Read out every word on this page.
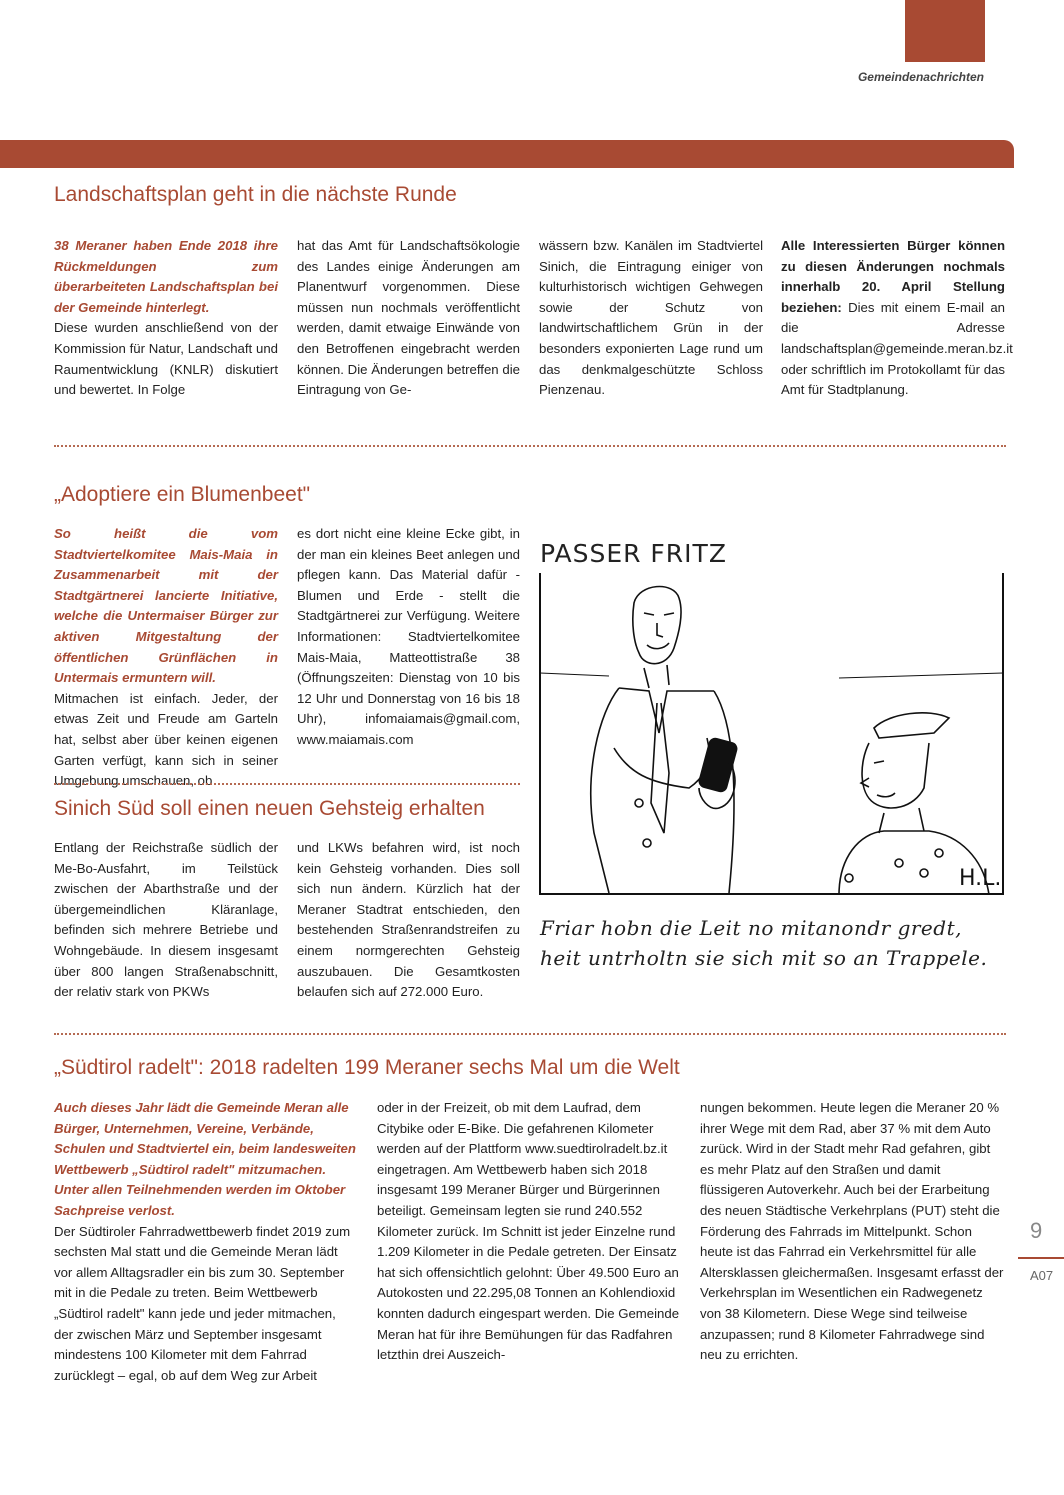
Gemeindenachrichten
Landschaftsplan geht in die nächste Runde
38 Meraner haben Ende 2018 ihre Rückmeldungen zum überarbeiteten Landschaftsplan bei der Gemeinde hinterlegt.
Diese wurden anschließend von der Kommission für Natur, Landschaft und Raumentwicklung (KNLR) diskutiert und bewertet. In Folge
hat das Amt für Landschaftsökologie des Landes einige Änderungen am Planentwurf vorgenommen. Diese müssen nun nochmals veröffentlicht werden, damit etwaige Einwände von den Betroffenen eingebracht werden können. Die Änderungen betreffen die Eintragung von Ge-
wässern bzw. Kanälen im Stadtviertel Sinich, die Eintragung einiger von kulturhistorisch wichtigen Gehwegen sowie der Schutz von landwirtschaftlichem Grün in der besonders exponierten Lage rund um das denkmalgeschützte Schloss Pienzenau.
Alle Interessierten Bürger können zu diesen Änderungen nochmals innerhalb 20. April Stellung beziehen: Dies mit einem E-mail an die Adresse landschaftsplan@gemeinde.meran.bz.it oder schriftlich im Protokollamt für das Amt für Stadtplanung.
„Adoptiere ein Blumenbeet"
So heißt die vom Stadtviertelkomitee Mais-Maia in Zusammenarbeit mit der Stadtgärtnerei lancierte Initiative, welche die Untermaiser Bürger zur aktiven Mitgestaltung der öffentlichen Grünflächen in Untermais ermuntern will.
Mitmachen ist einfach. Jeder, der etwas Zeit und Freude am Garteln hat, selbst aber über keinen eigenen Garten verfügt, kann sich in seiner Umgebung umschauen, ob
es dort nicht eine kleine Ecke gibt, in der man ein kleines Beet anlegen und pflegen kann. Das Material dafür - Blumen und Erde - stellt die Stadtgärtnerei zur Verfügung. Weitere Informationen: Stadtviertelkomitee Mais-Maia, Matteottistraße 38 (Öffnungszeiten: Dienstag von 10 bis 12 Uhr und Donnerstag von 16 bis 18 Uhr), infomaiamais@gmail.com, www.maiamais.com
Sinich Süd soll einen neuen Gehsteig erhalten
Entlang der Reichstraße südlich der Me-Bo-Ausfahrt, im Teilstück zwischen der Abarthstraße und der übergemeindlichen Kläranlage, befinden sich mehrere Betriebe und Wohngebäude. In diesem insgesamt über 800 langen Straßenabschnitt, der relativ stark von PKWs
und LKWs befahren wird, ist noch kein Gehsteig vorhanden. Dies soll sich nun ändern. Kürzlich hat der Meraner Stadtrat entschieden, den bestehenden Straßenrandstreifen zu einem normgerechten Gehsteig auszubauen. Die Gesamtkosten belaufen sich auf 272.000 Euro.
PASSER FRITZ
H.L.
Friar hobn die Leit no mitanondr gredt,
heit untrholtn sie sich mit so an Trappele.
„Südtirol radelt": 2018 radelten 199 Meraner sechs Mal um die Welt
Auch dieses Jahr lädt die Gemeinde Meran alle Bürger, Unternehmen, Vereine, Verbände, Schulen und Stadtviertel ein, beim landesweiten Wettbewerb „Südtirol radelt" mitzumachen. Unter allen Teilnehmenden werden im Oktober Sachpreise verlost.
Der Südtiroler Fahrradwettbewerb findet 2019 zum sechsten Mal statt und die Gemeinde Meran lädt vor allem Alltagsradler ein bis zum 30. September mit in die Pedale zu treten. Beim Wettbewerb „Südtirol radelt" kann jede und jeder mitmachen, der zwischen März und September insgesamt mindestens 100 Kilometer mit dem Fahrrad zurücklegt – egal, ob auf dem Weg zur Arbeit
oder in der Freizeit, ob mit dem Laufrad, dem Citybike oder E-Bike. Die gefahrenen Kilometer werden auf der Plattform www.suedtirolradelt.bz.it eingetragen. Am Wettbewerb haben sich 2018 insgesamt 199 Meraner Bürger und Bürgerinnen beteiligt. Gemeinsam legten sie rund 240.552 Kilometer zurück. Im Schnitt ist jeder Einzelne rund 1.209 Kilometer in die Pedale getreten. Der Einsatz hat sich offensichtlich gelohnt: Über 49.500 Euro an Autokosten und 22.295,08 Tonnen an Kohlendioxid konnten dadurch eingespart werden. Die Gemeinde Meran hat für ihre Bemühungen für das Radfahren letzthin drei Auszeich-
nungen bekommen. Heute legen die Meraner 20 % ihrer Wege mit dem Rad, aber 37 % mit dem Auto zurück. Wird in der Stadt mehr Rad gefahren, gibt es mehr Platz auf den Straßen und damit flüssigeren Autoverkehr. Auch bei der Erarbeitung des neuen Städtische Verkehrplans (PUT) steht die Förderung des Fahrrads im Mittelpunkt. Schon heute ist das Fahrrad ein Verkehrsmittel für alle Altersklassen gleichermaßen. Insgesamt erfasst der Verkehrsplan im Wesentlichen ein Radwegenetz von 38 Kilometern. Diese Wege sind teilweise anzupassen; rund 8 Kilometer Fahrradwege sind neu zu errichten.
9
A07
